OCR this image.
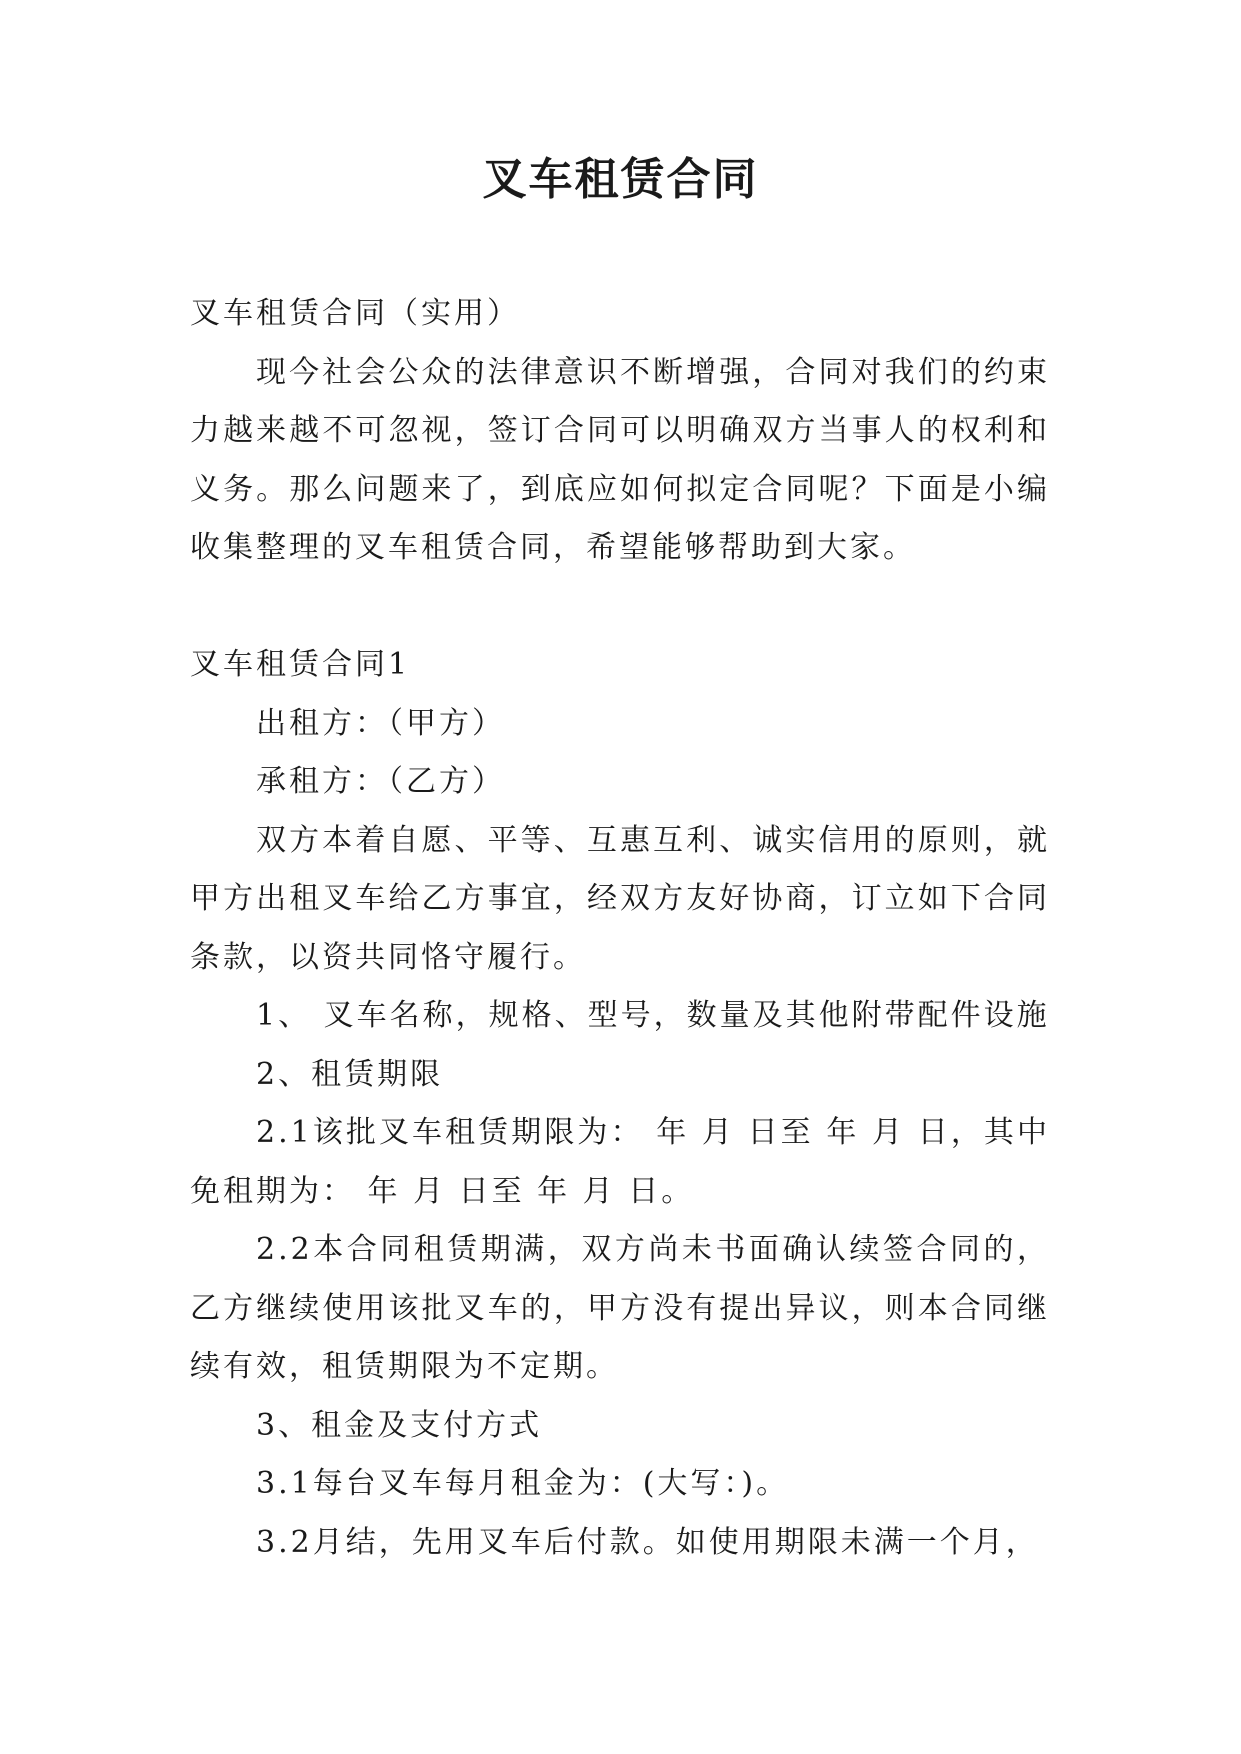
叉车租赁合同

叉车租赁合同（实用）

现今社会公众的法律意识不断增强，合同对我们的约束力越来越不可忽视，签订合同可以明确双方当事人的权利和义务。那么问题来了，到底应如何拟定合同呢？下面是小编收集整理的叉车租赁合同，希望能够帮助到大家。

叉车租赁合同1

出租方：（甲方）

承租方：（乙方）

双方本着自愿、平等、互惠互利、诚实信用的原则，就甲方出租叉车给乙方事宜，经双方友好协商，订立如下合同条款，以资共同恪守履行。

1、 叉车名称，规格、型号，数量及其他附带配件设施

2、租赁期限

2.1该批叉车租赁期限为： 年 月 日至 年 月 日，其中免租期为： 年 月 日至 年 月 日。

2.2本合同租赁期满，双方尚未书面确认续签合同的，乙方继续使用该批叉车的，甲方没有提出异议，则本合同继续有效，租赁期限为不定期。

3、租金及支付方式

3.1每台叉车每月租金为：(大写：)。

3.2月结，先用叉车后付款。如使用期限未满一个月，
